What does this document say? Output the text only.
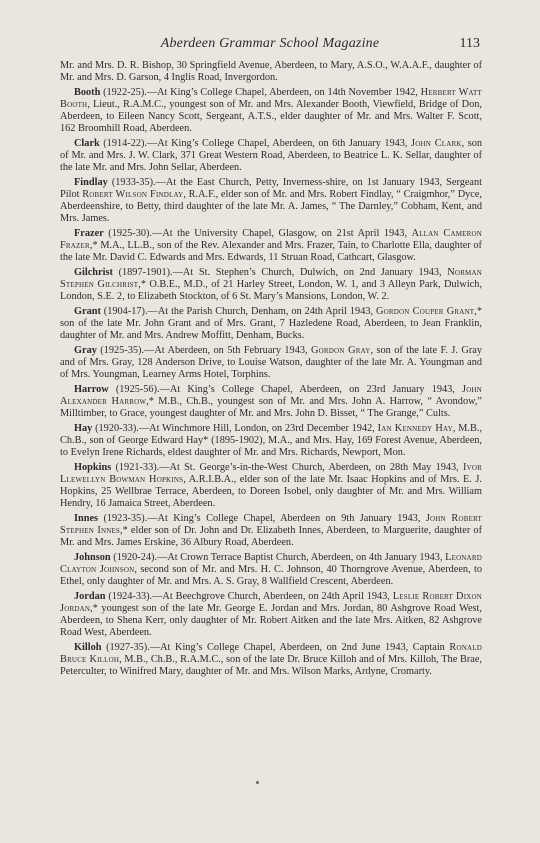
Aberdeen Grammar School Magazine	113

Mr. and Mrs. D. R. Bishop, 30 Springfield Avenue, Aberdeen, to Mary, A.S.O., W.A.A.F., daughter of Mr. and Mrs. D. Garson, 4 Inglis Road, Invergordon.

Booth (1922-25).—At King’s College Chapel, Aberdeen, on 14th November 1942, Herbert Watt Booth, Lieut., R.A.M.C., youngest son of Mr. and Mrs. Alexander Booth, Viewfield, Bridge of Don, Aberdeen, to Eileen Nancy Scott, Sergeant, A.T.S., elder daughter of Mr. and Mrs. Walter F. Scott, 162 Broomhill Road, Aberdeen.

Clark (1914-22).—At King’s College Chapel, Aberdeen, on 6th January 1943, John Clark, son of Mr. and Mrs. J. W. Clark, 371 Great Western Road, Aberdeen, to Beatrice L. K. Sellar, daughter of the late Mr. and Mrs. John Sellar, Aberdeen.

Findlay (1933-35).—At the East Church, Petty, Inverness-shire, on 1st January 1943, Sergeant Pilot Robert Wilson Findlay, R.A.F., elder son of Mr. and Mrs. Robert Findlay, “ Craigmhor,” Dyce, Aberdeenshire, to Betty, third daughter of the late Mr. A. James, “ The Darnley,” Cobham, Kent, and Mrs. James.

Frazer (1925-30).—At the University Chapel, Glasgow, on 21st April 1943, Allan Cameron Frazer,* M.A., LL.B., son of the Rev. Alexander and Mrs. Frazer, Tain, to Charlotte Ella, daughter of the late Mr. David C. Edwards and Mrs. Edwards, 11 Struan Road, Cathcart, Glasgow.

Gilchrist (1897-1901).—At St. Stephen’s Church, Dulwich, on 2nd January 1943, Norman Stephen Gilchrist,* O.B.E., M.D., of 21 Harley Street, London, W. 1, and 3 Alleyn Park, Dulwich, London, S.E. 2, to Elizabeth Stockton, of 6 St. Mary’s Mansions, London, W. 2.

Grant (1904-17).—At the Parish Church, Denham, on 24th April 1943, Gordon Couper Grant,* son of the late Mr. John Grant and of Mrs. Grant, 7 Hazledene Road, Aberdeen, to Jean Franklin, daughter of Mr. and Mrs. Andrew Moffitt, Denham, Bucks.

Gray (1925-35).—At Aberdeen, on 5th February 1943, Gordon Gray, son of the late F. J. Gray and of Mrs. Gray, 128 Anderson Drive, to Louise Watson, daughter of the late Mr. A. Youngman and of Mrs. Youngman, Learney Arms Hotel, Torphins.

Harrow (1925-56).—At King’s College Chapel, Aberdeen, on 23rd January 1943, John Alexander Harrow,* M.B., Ch.B., youngest son of Mr. and Mrs. John A. Harrow, “ Avondow,” Milltimber, to Grace, youngest daughter of Mr. and Mrs. John D. Bisset, “ The Grange,” Cults.

Hay (1920-33).—At Winchmore Hill, London, on 23rd December 1942, Ian Kennedy Hay, M.B., Ch.B., son of George Edward Hay* (1895-1902), M.A., and Mrs. Hay, 169 Forest Avenue, Aberdeen, to Evelyn Irene Richards, eldest daughter of Mr. and Mrs. Richards, Newport, Mon.

Hopkins (1921-33).—At St. George’s-in-the-West Church, Aberdeen, on 28th May 1943, Ivor Llewellyn Bowman Hopkins, A.R.I.B.A., elder son of the late Mr. Isaac Hopkins and of Mrs. E. J. Hopkins, 25 Wellbrae Terrace, Aberdeen, to Doreen Isobel, only daughter of Mr. and Mrs. William Hendry, 16 Jamaica Street, Aberdeen.

Innes (1923-35).—At King’s College Chapel, Aberdeen on 9th January 1943, John Robert Stephen Innes,* elder son of Dr. John and Dr. Elizabeth Innes, Aberdeen, to Marguerite, daughter of Mr. and Mrs. James Erskine, 36 Albury Road, Aberdeen.

Johnson (1920-24).—At Crown Terrace Baptist Church, Aberdeen, on 4th January 1943, Leonard Clayton Johnson, second son of Mr. and Mrs. H. C. Johnson, 40 Thorngrove Avenue, Aberdeen, to Ethel, only daughter of Mr. and Mrs. A. S. Gray, 8 Wallfield Crescent, Aberdeen.

Jordan (1924-33).—At Beechgrove Church, Aberdeen, on 24th April 1943, Leslie Robert Dixon Jordan,* youngest son of the late Mr. George E. Jordan and Mrs. Jordan, 80 Ashgrove Road West, Aberdeen, to Shena Kerr, only daughter of Mr. Robert Aitken and the late Mrs. Aitken, 82 Ashgrove Road West, Aberdeen.

Killoh (1927-35).—At King’s College Chapel, Aberdeen, on 2nd June 1943, Captain Ronald Bruce Killoh, M.B., Ch.B., R.A.M.C., son of the late Dr. Bruce Killoh and of Mrs. Killoh, The Brae, Peterculter, to Winifred Mary, daughter of Mr. and Mrs. Wilson Marks, Ardyne, Cromarty.
